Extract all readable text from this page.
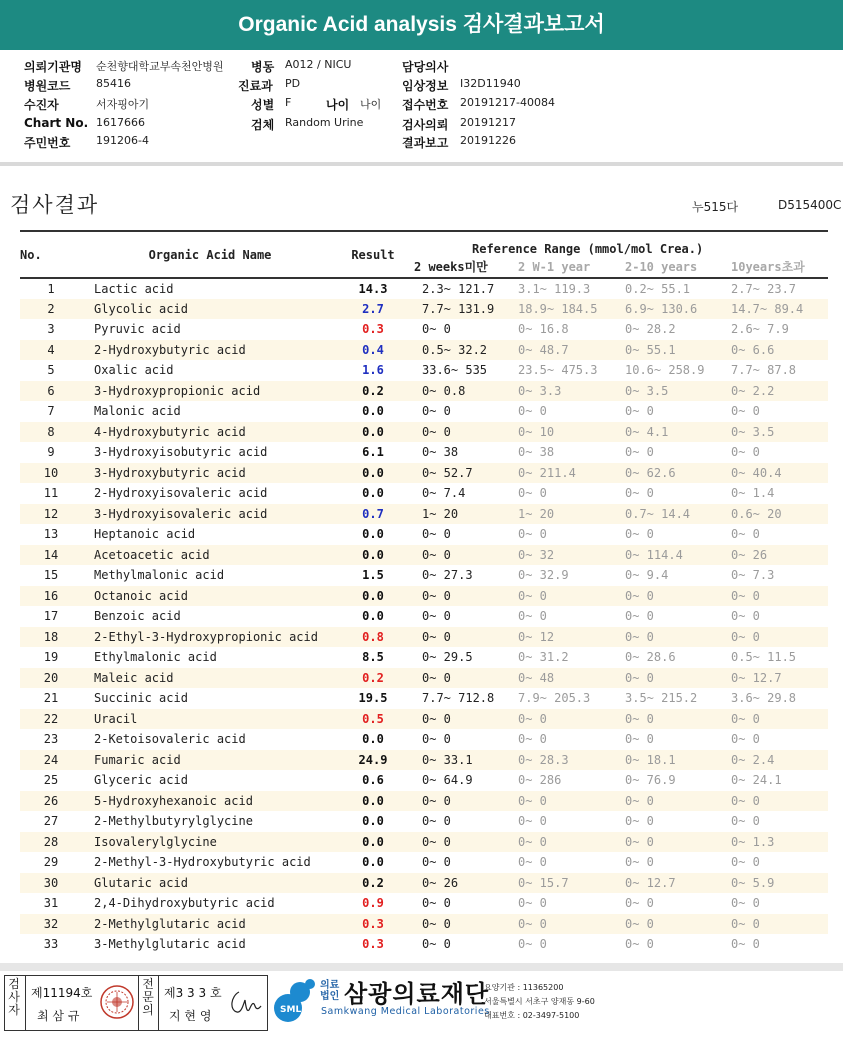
Organic Acid analysis 검사결과보고서
의뢰기관명 순천향대학교부속천안병원 병동 A012 / NICU	담당의사
병원코드 85416	진료과 PD	임상정보 I32D11940
수진자	서자핑아기	성별 F	나이 나이 접수번호 20191217-40084
Chart No. 1617666	검체 Random Urine	검사의뢰 20191217
주민번호 191206-4	결과보고 20191226
검사결과	누515다	D515400C
No.	Organic Acid Name	Result	Reference Range (mmol/mol Crea.)			
			2 weeks미만	2 W-1 year	2-10 years	10years초과
1	Lactic acid	14.3	2.3~ 121.7	3.1~ 119.3	0.2~ 55.1	2.7~ 23.7
2	Glycolic acid	2.7	7.7~ 131.9	18.9~ 184.5	6.9~ 130.6	14.7~ 89.4
3	Pyruvic acid	0.3	0~ 0	0~ 16.8	0~ 28.2	2.6~ 7.9
4	2-Hydroxybutyric acid	0.4	0.5~ 32.2	0~ 48.7	0~ 55.1	0~ 6.6
5	Oxalic acid	1.6	33.6~ 535	23.5~ 475.3	10.6~ 258.9	7.7~ 87.8
6	3-Hydroxypropionic acid	0.2	0~ 0.8	0~ 3.3	0~ 3.5	0~ 2.2
7	Malonic acid	0.0	0~ 0	0~ 0	0~ 0	0~ 0
8	4-Hydroxybutyric acid	0.0	0~ 0	0~ 10	0~ 4.1	0~ 3.5
9	3-Hydroxyisobutyric acid	6.1	0~ 38	0~ 38	0~ 0	0~ 0
10	3-Hydroxybutyric acid	0.0	0~ 52.7	0~ 211.4	0~ 62.6	0~ 40.4
11	2-Hydroxyisovaleric acid	0.0	0~ 7.4	0~ 0	0~ 0	0~ 1.4
12	3-Hydroxyisovaleric acid	0.7	1~ 20	1~ 20	0.7~ 14.4	0.6~ 20
13	Heptanoic acid	0.0	0~ 0	0~ 0	0~ 0	0~ 0
14	Acetoacetic acid	0.0	0~ 0	0~ 32	0~ 114.4	0~ 26
15	Methylmalonic acid	1.5	0~ 27.3	0~ 32.9	0~ 9.4	0~ 7.3
16	Octanoic acid	0.0	0~ 0	0~ 0	0~ 0	0~ 0
17	Benzoic acid	0.0	0~ 0	0~ 0	0~ 0	0~ 0
18	2-Ethyl-3-Hydroxypropionic acid	0.8	0~ 0	0~ 12	0~ 0	0~ 0
19	Ethylmalonic acid	8.5	0~ 29.5	0~ 31.2	0~ 28.6	0.5~ 11.5
20	Maleic acid	0.2	0~ 0	0~ 48	0~ 0	0~ 12.7
21	Succinic acid	19.5	7.7~ 712.8	7.9~ 205.3	3.5~ 215.2	3.6~ 29.8
22	Uracil	0.5	0~ 0	0~ 0	0~ 0	0~ 0
23	2-Ketoisovaleric acid	0.0	0~ 0	0~ 0	0~ 0	0~ 0
24	Fumaric acid	24.9	0~ 33.1	0~ 28.3	0~ 18.1	0~ 2.4
25	Glyceric acid	0.6	0~ 64.9	0~ 286	0~ 76.9	0~ 24.1
26	5-Hydroxyhexanoic acid	0.0	0~ 0	0~ 0	0~ 0	0~ 0
27	2-Methylbutyrylglycine	0.0	0~ 0	0~ 0	0~ 0	0~ 0
28	Isovalerylglycine	0.0	0~ 0	0~ 0	0~ 0	0~ 1.3
29	2-Methyl-3-Hydroxybutyric acid	0.0	0~ 0	0~ 0	0~ 0	0~ 0
30	Glutaric acid	0.2	0~ 26	0~ 15.7	0~ 12.7	0~ 5.9
31	2,4-Dihydroxybutyric acid	0.9	0~ 0	0~ 0	0~ 0	0~ 0
32	2-Methylglutaric acid	0.3	0~ 0	0~ 0	0~ 0	0~ 0
33	3-Methylglutaric acid	0.3	0~ 0	0~ 0	0~ 0	0~ 0
검사자
제11194호
최 삼 규
전문의
제3 3 3 호
지 현 영	SML
의료법인 삼광의료재단
Samkwang Medical Laboratories
요양기관 : 11365200
서울특별시 서초구 양재동 9-60
대표번호 : 02-3497-5100
